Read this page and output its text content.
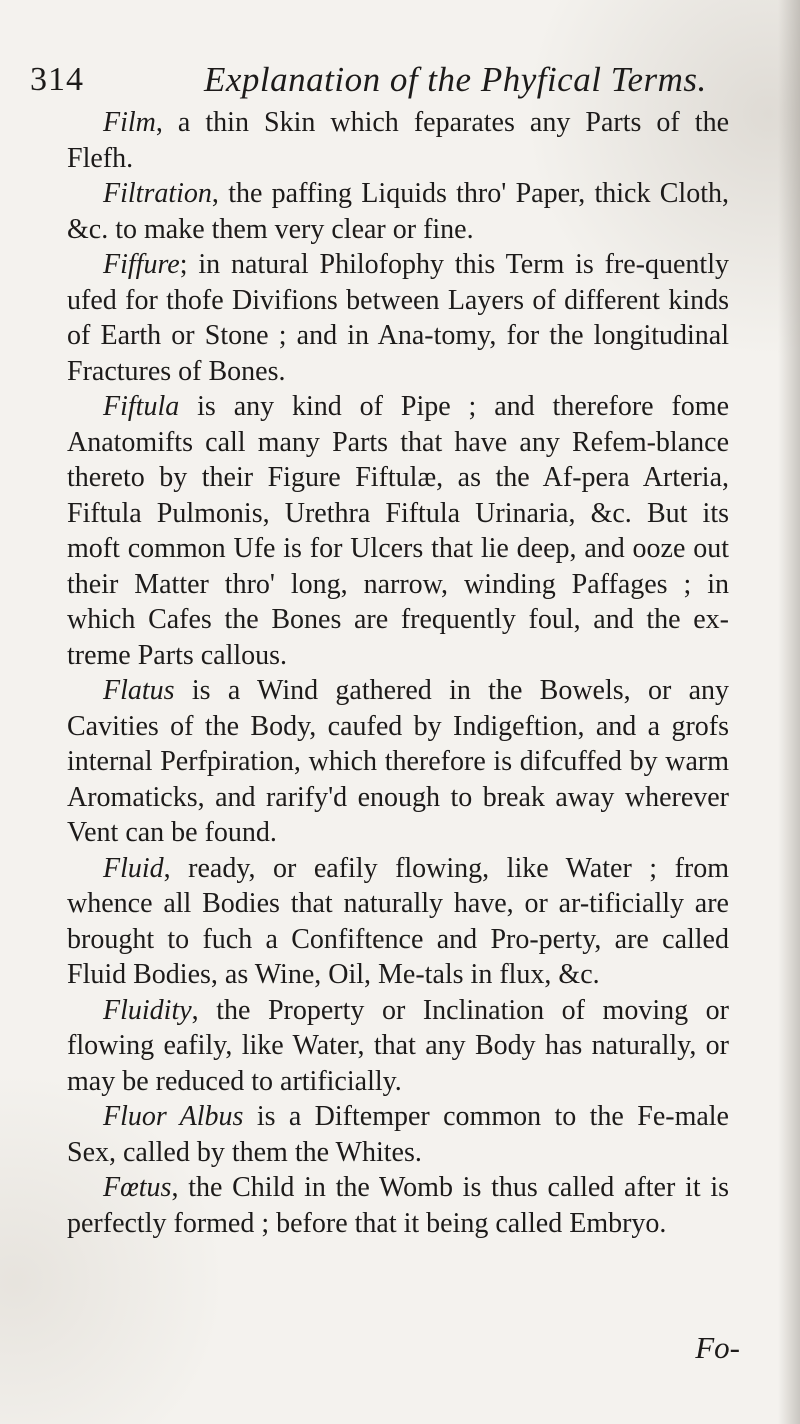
314	Explanation of the Phyfical Terms.

Film, a thin Skin which feparates any Parts of the Flefh.

Filtration, the paffing Liquids thro' Paper, thick Cloth, &c. to make them very clear or fine.

Fiffure; in natural Philofophy this Term is fre-quently ufed for thofe Divifions between Layers of different kinds of Earth or Stone ; and in Ana-tomy, for the longitudinal Fractures of Bones.

Fiftula is any kind of Pipe ; and therefore fome Anatomifts call many Parts that have any Refem-blance thereto by their Figure Fiftulæ, as the Af-pera Arteria, Fiftula Pulmonis, Urethra Fiftula Urinaria, &c. But its moft common Ufe is for Ulcers that lie deep, and ooze out their Matter thro' long, narrow, winding Paffages ; in which Cafes the Bones are frequently foul, and the ex-treme Parts callous.

Flatus is a Wind gathered in the Bowels, or any Cavities of the Body, caufed by Indigeftion, and a grofs internal Perfpiration, which therefore is difcuffed by warm Aromaticks, and rarify'd enough to break away wherever Vent can be found.

Fluid, ready, or eafily flowing, like Water ; from whence all Bodies that naturally have, or ar-tificially are brought to fuch a Confiftence and Pro-perty, are called Fluid Bodies, as Wine, Oil, Me-tals in flux, &c.

Fluidity, the Property or Inclination of moving or flowing eafily, like Water, that any Body has naturally, or may be reduced to artificially.

Fluor Albus is a Diftemper common to the Fe-male Sex, called by them the Whites.

Fœtus, the Child in the Womb is thus called after it is perfectly formed ; before that it being called Embryo.

Fo-
